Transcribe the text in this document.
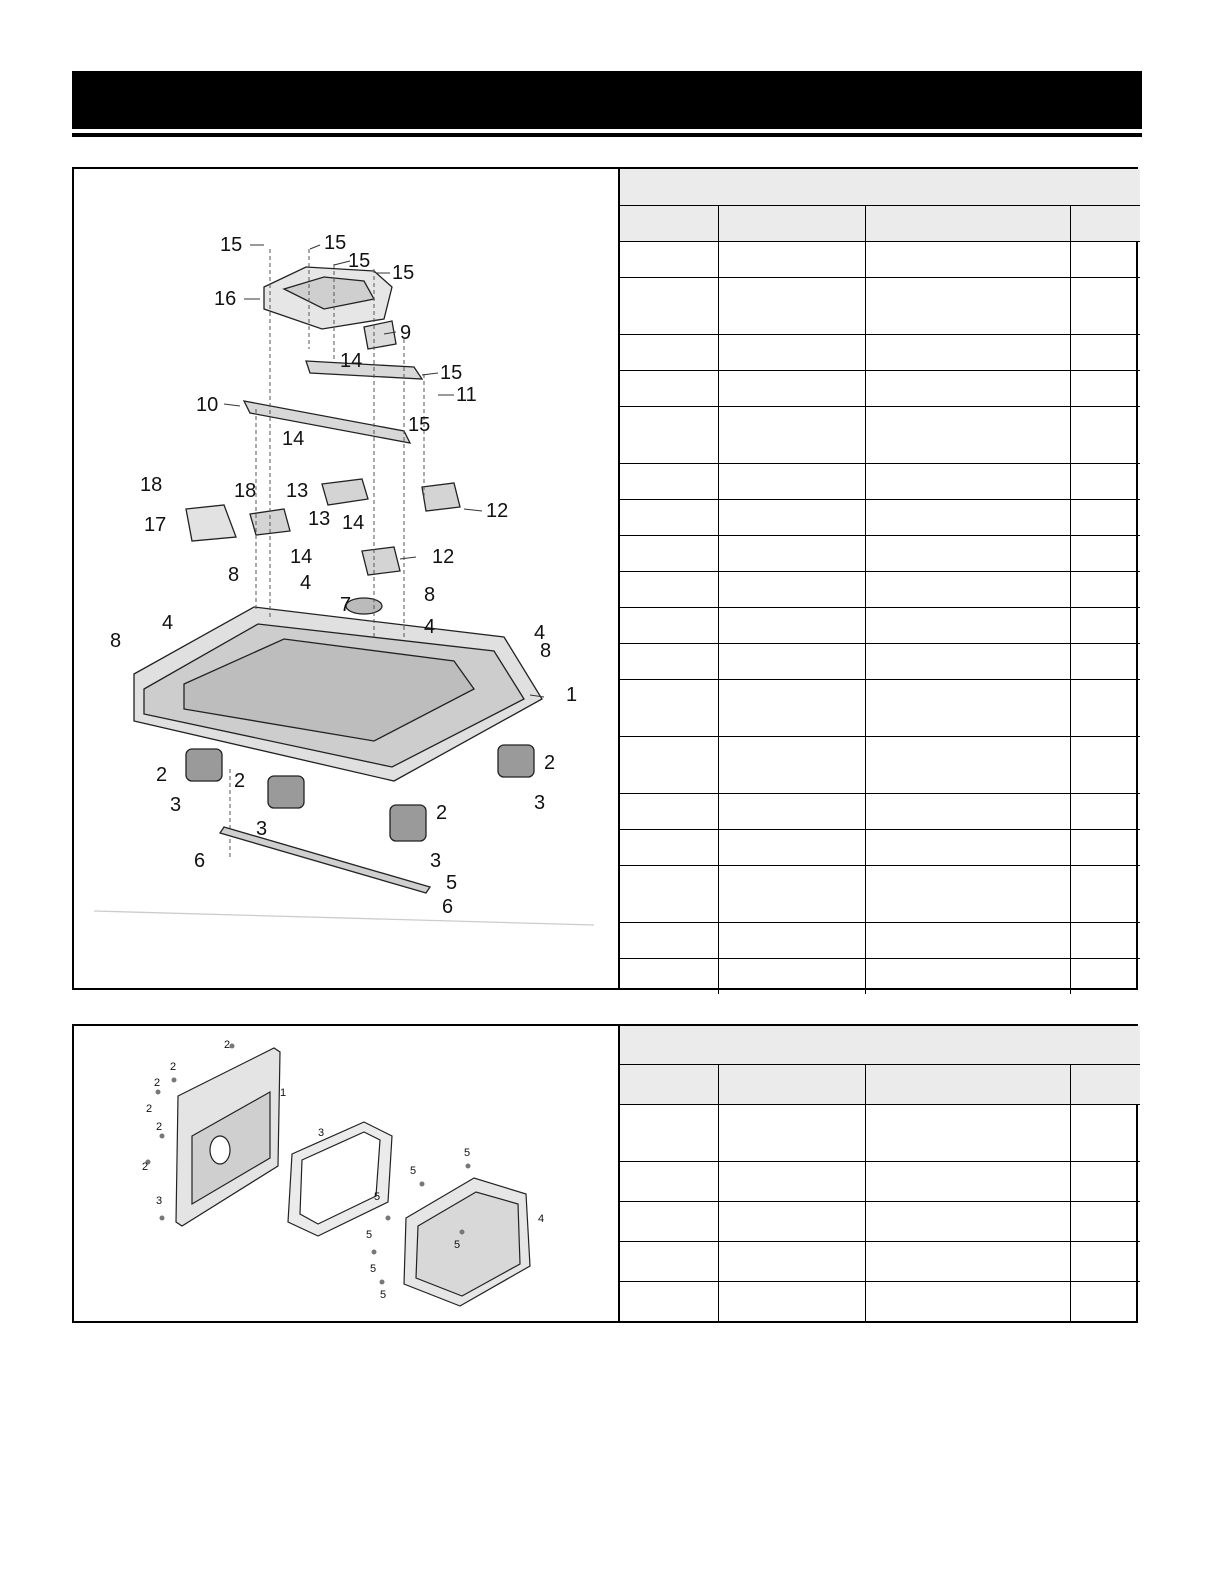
15	15
15
15
16
9
15
11
10
14
15
14
18	18 13
12
17	13
14
14
12
8	4
7	8
4	4	4
8	8
1
2	2
2
2
3
3
3
3
6
5
6

2
2
2
2
2
2
3
1
3
5
5
5
5
4
5
5
5
